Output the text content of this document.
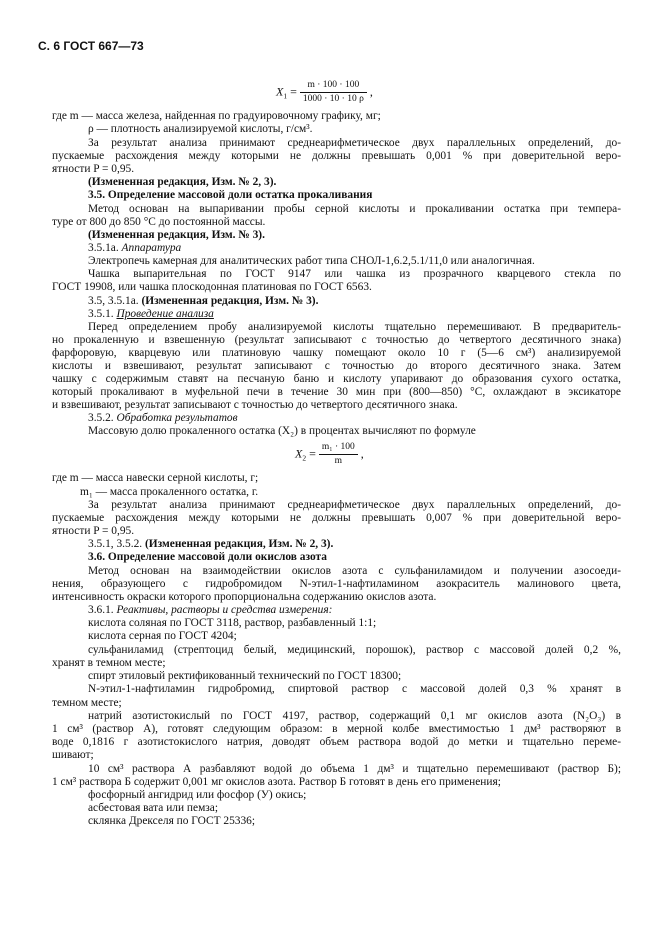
С. 6 ГОСТ 667—73
$X_1 = \frac{m \cdot 100 \cdot 100}{1000 \cdot 10 \cdot 10 \rho}$ ,
где m — масса железа, найденная по градуировочному графику, мг;
ρ — плотность анализируемой кислоты, г/см³.
За результат анализа принимают среднеарифметическое двух параллельных определений, до-
пускаемые расхождения между которыми не должны превышать 0,001 % при доверительной веро-
ятности P = 0,95.
(Измененная редакция, Изм. № 2, 3).
3.5. Определение массовой доли остатка прокаливания
Метод основан на выпаривании пробы серной кислоты и прокаливании остатка при темпера-
туре от 800 до 850 °С до постоянной массы.
(Измененная редакция, Изм. № 3).
3.5.1а. Аппаратура
Электропечь камерная для аналитических работ типа СНОЛ-1,6.2,5.1/11,0 или аналогичная.
Чашка выпарительная по ГОСТ 9147 или чашка из прозрачного кварцевого стекла по
ГОСТ 19908, или чашка плоскодонная платиновая по ГОСТ 6563.
3.5, 3.5.1а. (Измененная редакция, Изм. № 3).
3.5.1. Проведение анализа
Перед определением пробу анализируемой кислоты тщательно перемешивают. В предваритель-
но прокаленную и взвешенную (результат записывают с точностью до четвертого десятичного знака)
фарфоровую, кварцевую или платиновую чашку помещают около 10 г (5—6 см³) анализируемой
кислоты и взвешивают, результат записывают с точностью до второго десятичного знака. Затем
чашку с содержимым ставят на песчаную баню и кислоту упаривают до образования сухого остатка,
который прокаливают в муфельной печи в течение 30 мин при (800—850) °С, охлаждают в эксикаторе
и взвешивают, результат записывают с точностью до четвертого десятичного знака.
3.5.2. Обработка результатов
Массовую долю прокаленного остатка (X₂) в процентах вычисляют по формуле
$X_2 = \frac{\text{m₁ · 100}}{m}$ ,
где m — масса навески серной кислоты, г;
m₁ — масса прокаленного остатка, г.
За результат анализа принимают среднеарифметическое двух параллельных определений, до-
пускаемые расхождения между которыми не должны превышать 0,007 % при доверительной веро-
ятности P = 0,95.
3.5.1, 3.5.2. (Измененная редакция, Изм. № 2, 3).
3.6. Определение массовой доли окислов азота
Метод основан на взаимодействии окислов азота с сульфаниламидом и получении азосоеди-
нения, образующего с гидробромидом N-этил-1-нафтиламином азокраситель малинового цвета,
интенсивность окраски которого пропорциональна содержанию окислов азота.
3.6.1. Реактивы, растворы и средства измерения:
кислота соляная по ГОСТ 3118, раствор, разбавленный 1:1;
кислота серная по ГОСТ 4204;
сульфаниламид (стрептоцид белый, медицинский, порошок), раствор с массовой долей 0,2 %,
хранят в темном месте;
спирт этиловый ректификованный технический по ГОСТ 18300;
N-этил-1-нафтиламин гидробромид, спиртовой раствор с массовой долей 0,3 % хранят в
темном месте;
натрий азотистокислый по ГОСТ 4197, раствор, содержащий 0,1 мг окислов азота (N₂O₃) в
1 см³ (раствор А), готовят следующим образом: в мерной колбе вместимостью 1 дм³ растворяют в
воде 0,1816 г азотистокислого натрия, доводят объем раствора водой до метки и тщательно переме-
шивают;
10 см³ раствора А разбавляют водой до объема 1 дм³ и тщательно перемешивают (раствор Б);
1 см³ раствора Б содержит 0,001 мг окислов азота. Раствор Б готовят в день его применения;
фосфорный ангидрид или фосфор (У) окись;
асбестовая вата или пемза;
склянка Дрекселя по ГОСТ 25336;
